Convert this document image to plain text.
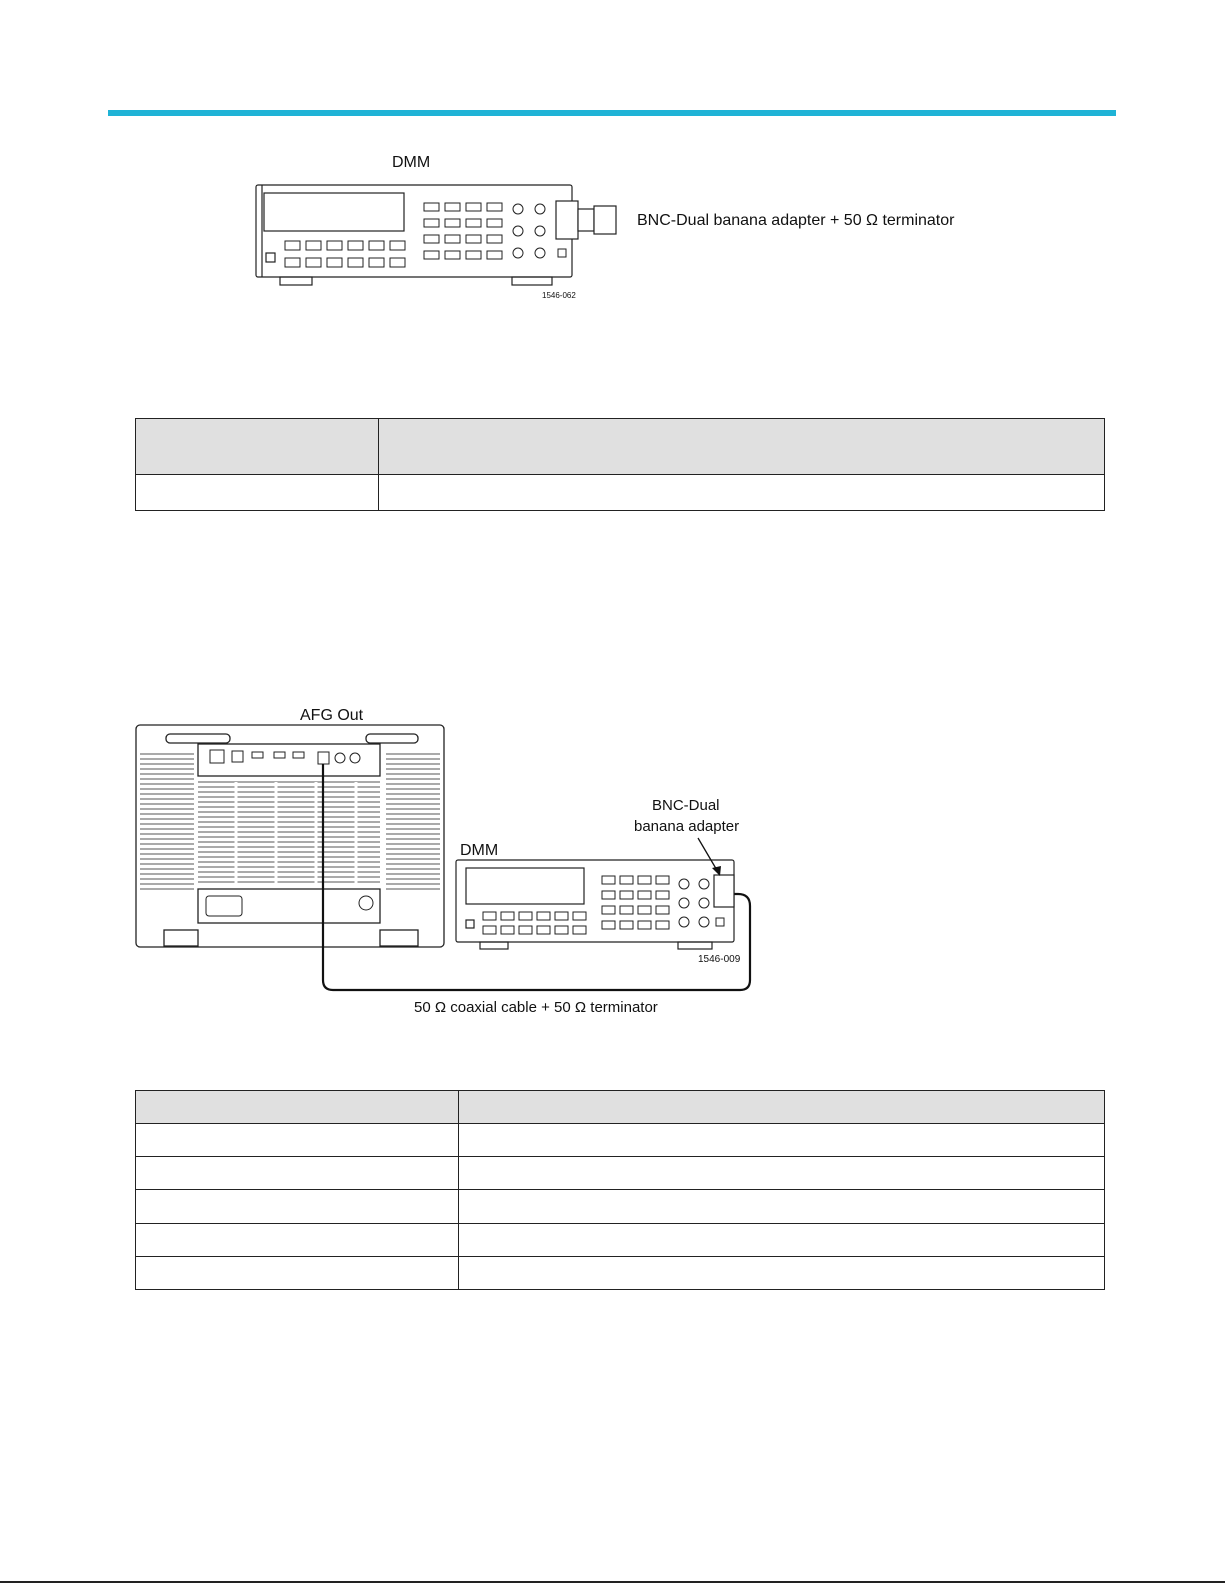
DMM
BNC-Dual banana adapter + 50 Ω terminator
1546-062

AFG Out
DMM
BNC-Dual
banana adapter
1546-009
50 Ω coaxial cable + 50 Ω terminator
